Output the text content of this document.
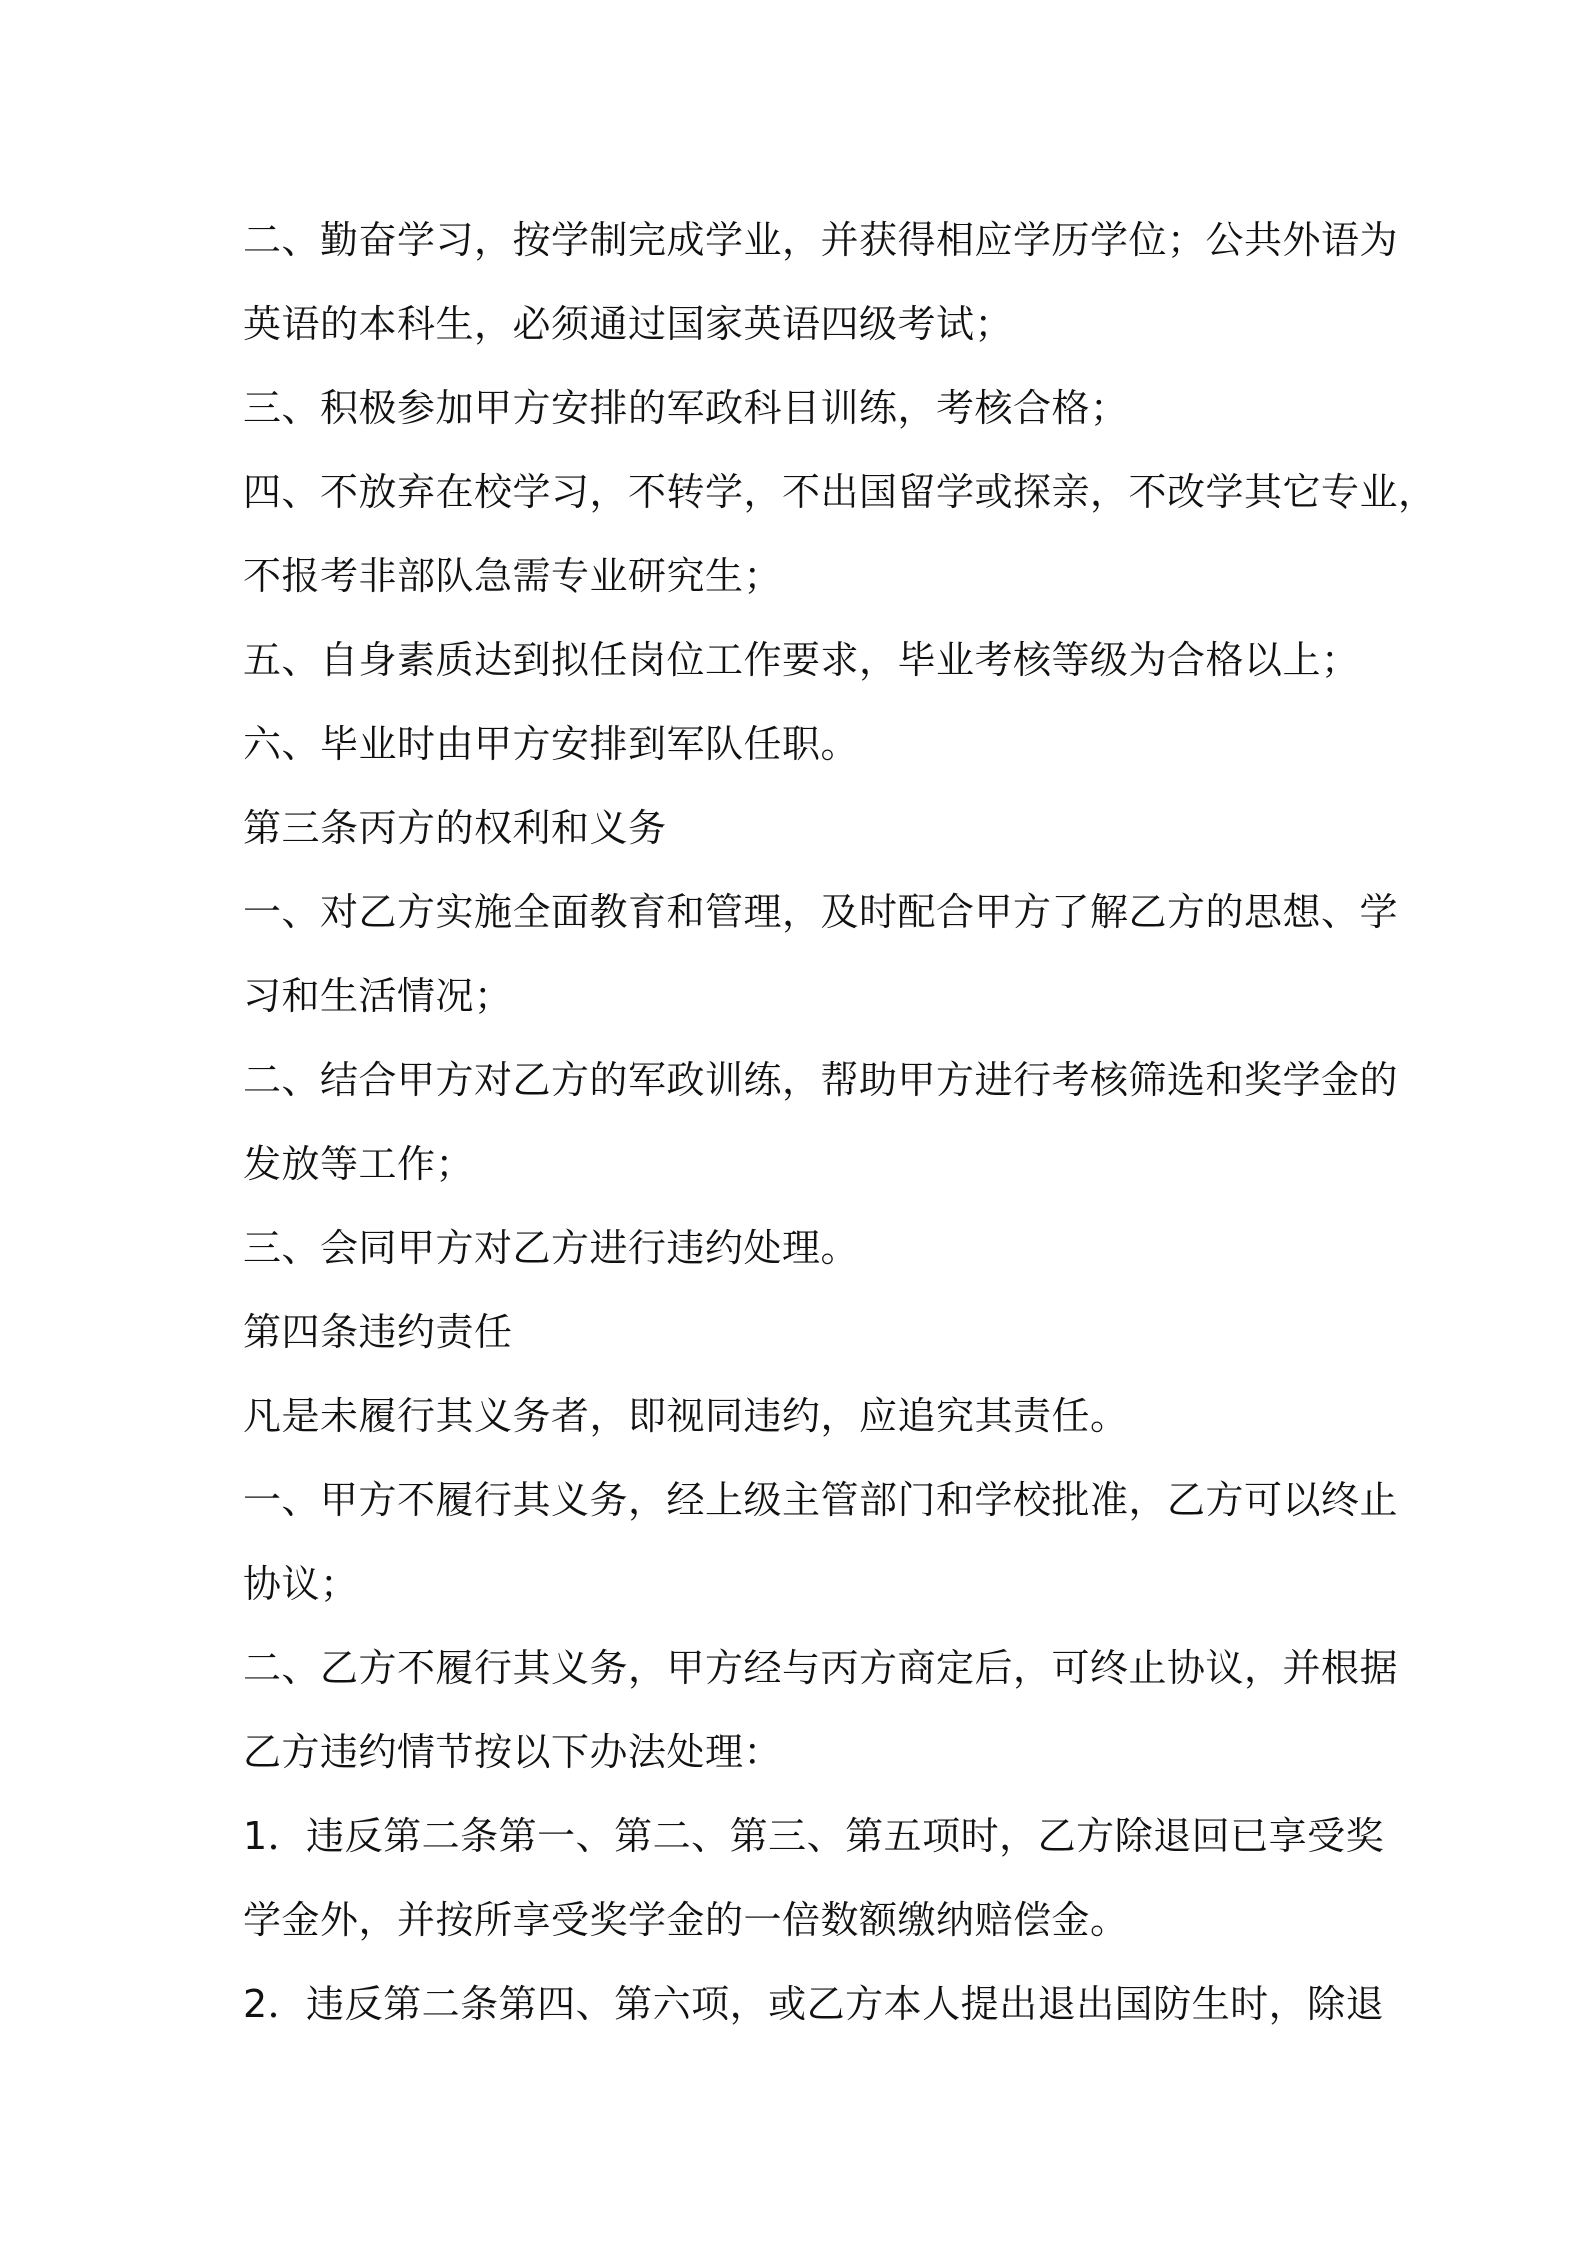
二、勤奋学习，按学制完成学业，并获得相应学历学位；公共外语为
英语的本科生，必须通过国家英语四级考试；
三、积极参加甲方安排的军政科目训练，考核合格；
四、不放弃在校学习，不转学，不出国留学或探亲，不改学其它专业，
不报考非部队急需专业研究生；
五、自身素质达到拟任岗位工作要求，毕业考核等级为合格以上；
六、毕业时由甲方安排到军队任职。
第三条丙方的权利和义务
一、对乙方实施全面教育和管理，及时配合甲方了解乙方的思想、学
习和生活情况；
二、结合甲方对乙方的军政训练，帮助甲方进行考核筛选和奖学金的
发放等工作；
三、会同甲方对乙方进行违约处理。
第四条违约责任
凡是未履行其义务者，即视同违约，应追究其责任。
一、甲方不履行其义务，经上级主管部门和学校批准，乙方可以终止
协议；
二、乙方不履行其义务，甲方经与丙方商定后，可终止协议，并根据
乙方违约情节按以下办法处理：
1．违反第二条第一、第二、第三、第五项时，乙方除退回已享受奖
学金外，并按所享受奖学金的一倍数额缴纳赔偿金。
2．违反第二条第四、第六项，或乙方本人提出退出国防生时，除退
